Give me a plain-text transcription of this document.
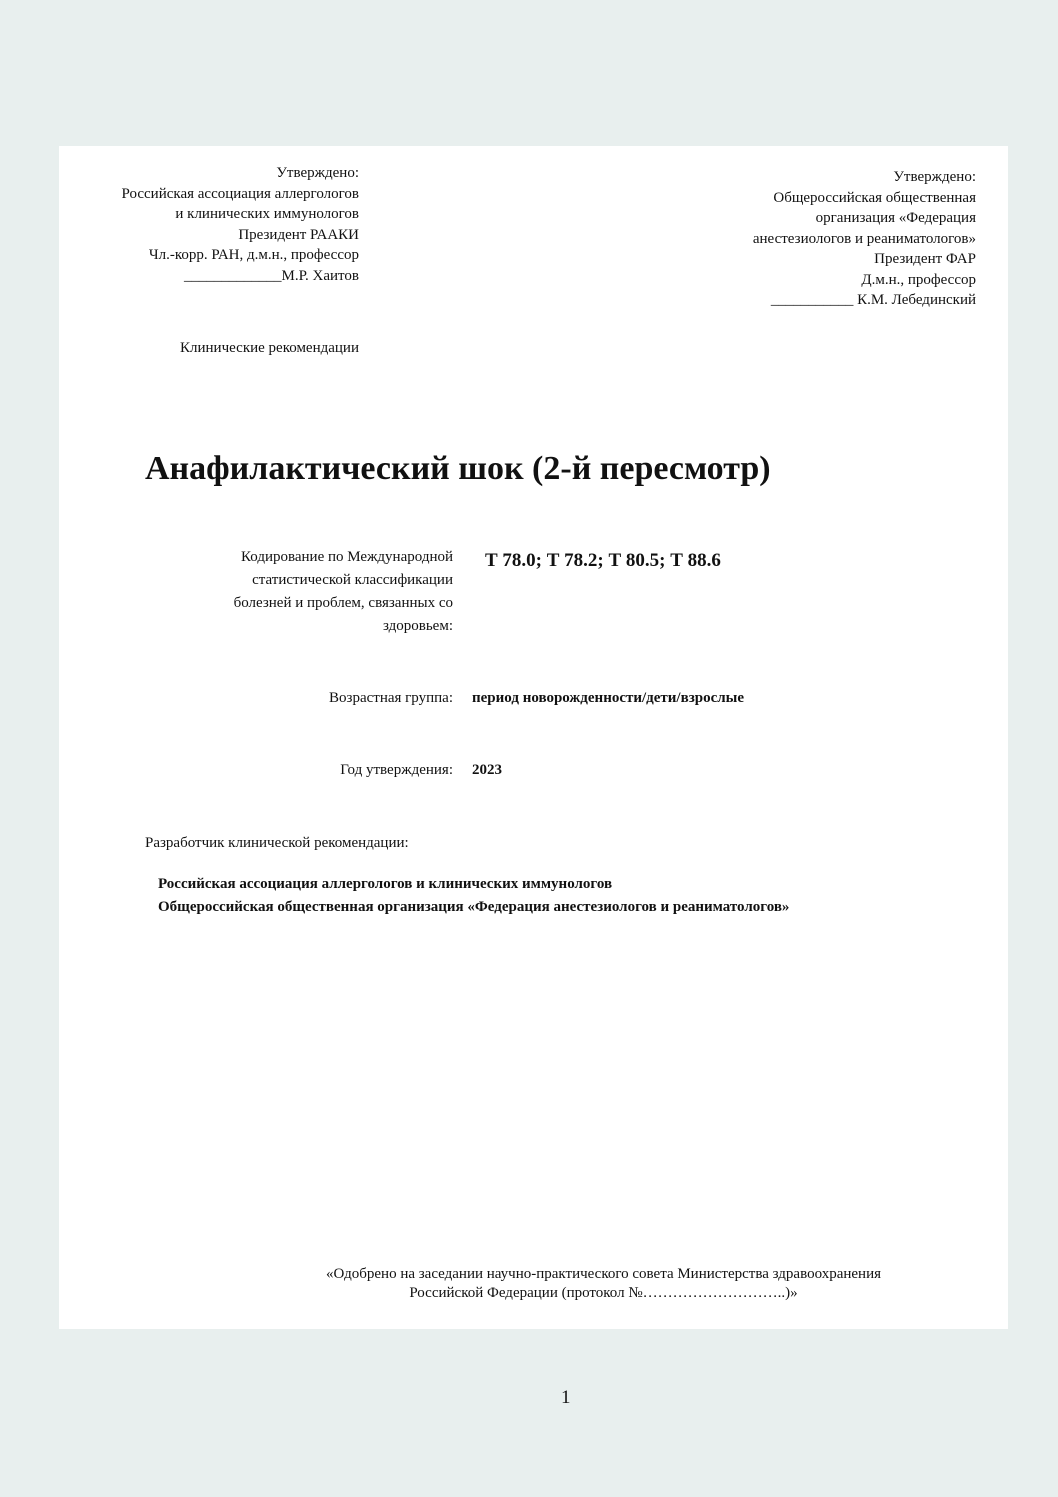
Утверждено:
Российская ассоциация аллергологов
и клинических иммунологов
Президент РААКИ
Чл.-корр. РАН, д.м.н., профессор
_____________М.Р. Хаитов
Утверждено:
Общероссийская общественная
организация «Федерация
анестезиологов и реаниматологов»
Президент ФАР
Д.м.н., профессор
___________ К.М. Лебединский
Клинические рекомендации
Анафилактический шок (2-й пересмотр)
Кодирование по Международной
статистической классификации
болезней и проблем, связанных со
здоровьем:
Т 78.0; Т 78.2; Т 80.5; Т 88.6
Возрастная группа: период новорожденности/дети/взрослые
Год утверждения: 2023
Разработчик клинической рекомендации:
Российская ассоциация аллергологов и клинических иммунологов
Общероссийская общественная организация «Федерация анестезиологов и реаниматологов»
«Одобрено на заседании научно-практического совета Министерства здравоохранения
Российской Федерации (протокол №………………………..)»
1
